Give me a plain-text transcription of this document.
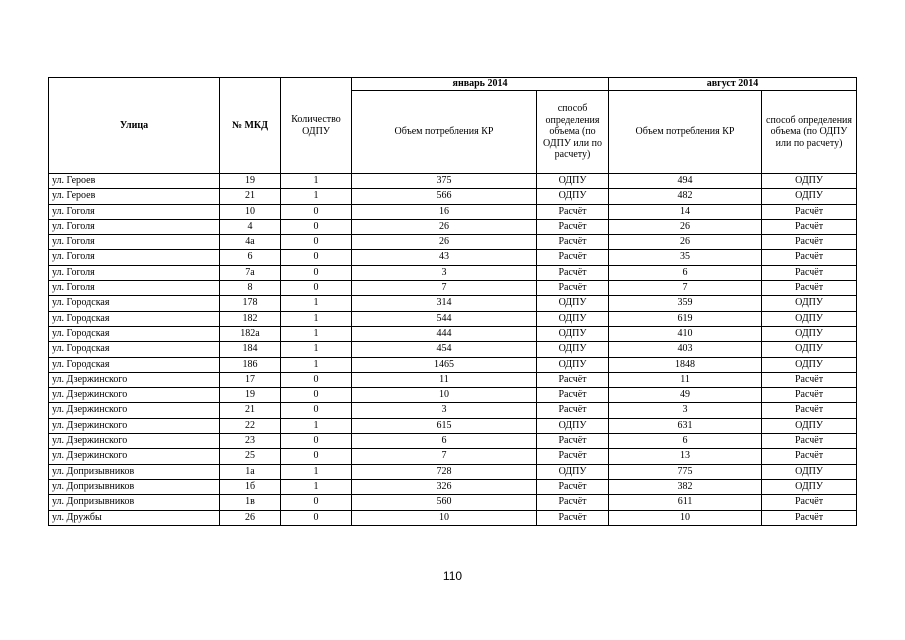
Улица	№ МКД	Количество ОДПУ	январь 2014		август 2014	
			Объем потребления КР	способ определения объема (по ОДПУ или по расчету)	Объем потребления КР	способ определения объема (по ОДПУ или по расчету)
ул. Героев	19	1	375	ОДПУ	494	ОДПУ
ул. Героев	21	1	566	ОДПУ	482	ОДПУ
ул. Гоголя	10	0	16	Расчёт	14	Расчёт
ул. Гоголя	4	0	26	Расчёт	26	Расчёт
ул. Гоголя	4а	0	26	Расчёт	26	Расчёт
ул. Гоголя	6	0	43	Расчёт	35	Расчёт
ул. Гоголя	7а	0	3	Расчёт	6	Расчёт
ул. Гоголя	8	0	7	Расчёт	7	Расчёт
ул. Городская	178	1	314	ОДПУ	359	ОДПУ
ул. Городская	182	1	544	ОДПУ	619	ОДПУ
ул. Городская	182а	1	444	ОДПУ	410	ОДПУ
ул. Городская	184	1	454	ОДПУ	403	ОДПУ
ул. Городская	186	1	1465	ОДПУ	1848	ОДПУ
ул. Дзержинского	17	0	11	Расчёт	11	Расчёт
ул. Дзержинского	19	0	10	Расчёт	49	Расчёт
ул. Дзержинского	21	0	3	Расчёт	3	Расчёт
ул. Дзержинского	22	1	615	ОДПУ	631	ОДПУ
ул. Дзержинского	23	0	6	Расчёт	6	Расчёт
ул. Дзержинского	25	0	7	Расчёт	13	Расчёт
ул. Допризывников	1а	1	728	ОДПУ	775	ОДПУ
ул. Допризывников	1б	1	326	Расчёт	382	ОДПУ
ул. Допризывников	1в	0	560	Расчёт	611	Расчёт
ул. Дружбы	26	0	10	Расчёт	10	Расчёт
110
